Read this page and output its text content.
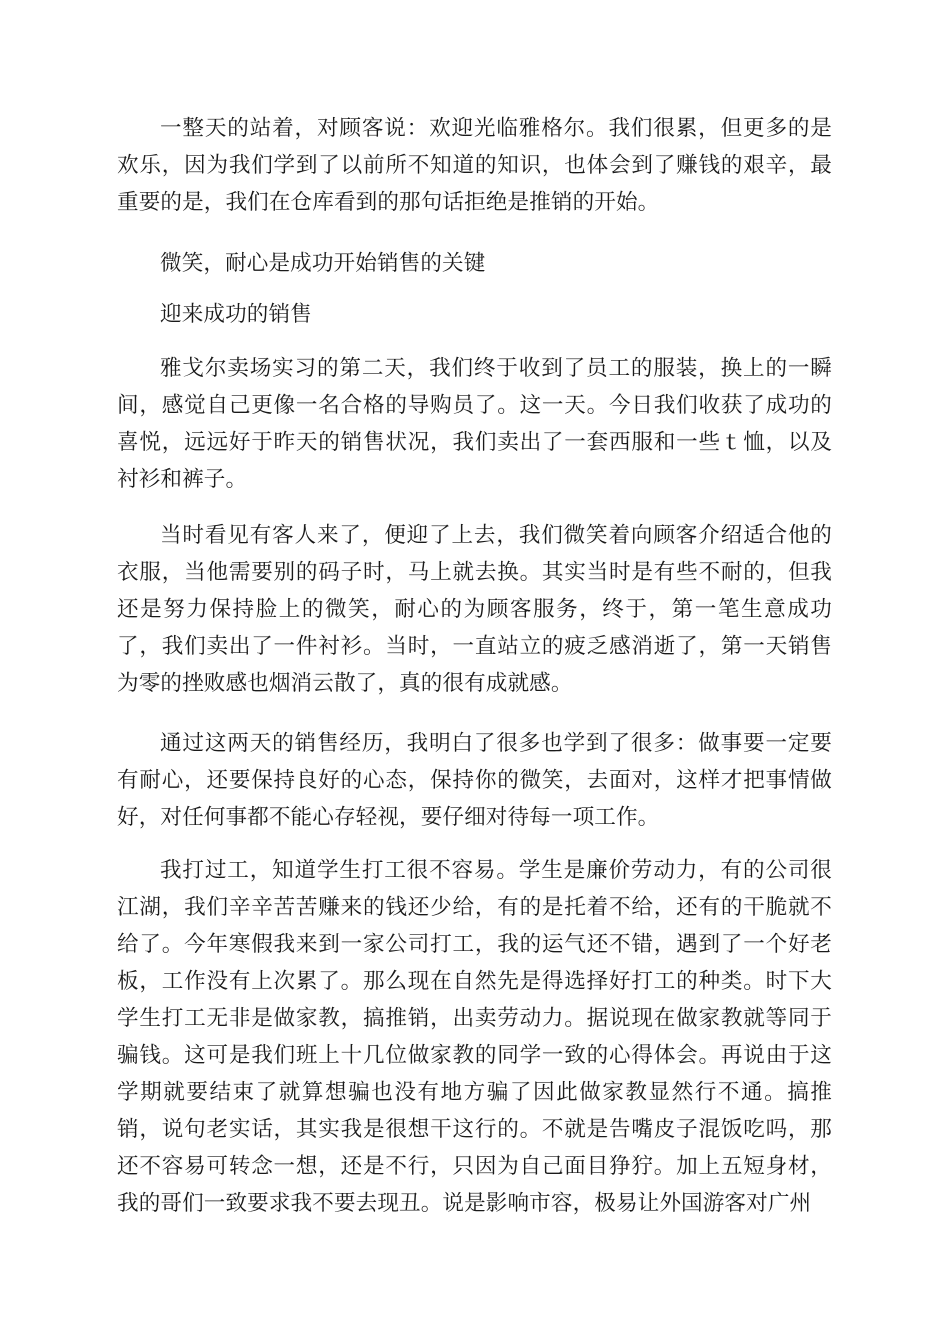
一整天的站着，对顾客说：欢迎光临雅格尔。我们很累，但更多的是欢乐，因为我们学到了以前所不知道的知识，也体会到了赚钱的艰辛，最重要的是，我们在仓库看到的那句话拒绝是推销的开始。

微笑，耐心是成功开始销售的关键

迎来成功的销售

雅戈尔卖场实习的第二天，我们终于收到了员工的服装，换上的一瞬间，感觉自己更像一名合格的导购员了。这一天。今日我们收获了成功的喜悦，远远好于昨天的销售状况，我们卖出了一套西服和一些ｔ恤，以及衬衫和裤子。

当时看见有客人来了，便迎了上去，我们微笑着向顾客介绍适合他的衣服，当他需要别的码子时，马上就去换。其实当时是有些不耐的，但我还是努力保持脸上的微笑，耐心的为顾客服务，终于，第一笔生意成功了，我们卖出了一件衬衫。当时，一直站立的疲乏感消逝了，第一天销售为零的挫败感也烟消云散了，真的很有成就感。

通过这两天的销售经历，我明白了很多也学到了很多：做事要一定要有耐心，还要保持良好的心态，保持你的微笑，去面对，这样才把事情做好，对任何事都不能心存轻视，要仔细对待每一项工作。

我打过工，知道学生打工很不容易。学生是廉价劳动力，有的公司很江湖，我们辛辛苦苦赚来的钱还少给，有的是托着不给，还有的干脆就不给了。今年寒假我来到一家公司打工，我的运气还不错，遇到了一个好老板，工作没有上次累了。那么现在自然先是得选择好打工的种类。时下大学生打工无非是做家教，搞推销，出卖劳动力。据说现在做家教就等同于骗钱。这可是我们班上十几位做家教的同学一致的心得体会。再说由于这学期就要结束了就算想骗也没有地方骗了因此做家教显然行不通。搞推销，说句老实话，其实我是很想干这行的。不就是告嘴皮子混饭吃吗，那还不容易可转念一想，还是不行，只因为自己面目狰狞。加上五短身材，我的哥们一致要求我不要去现丑。说是影响市容，极易让外国游客对广州
